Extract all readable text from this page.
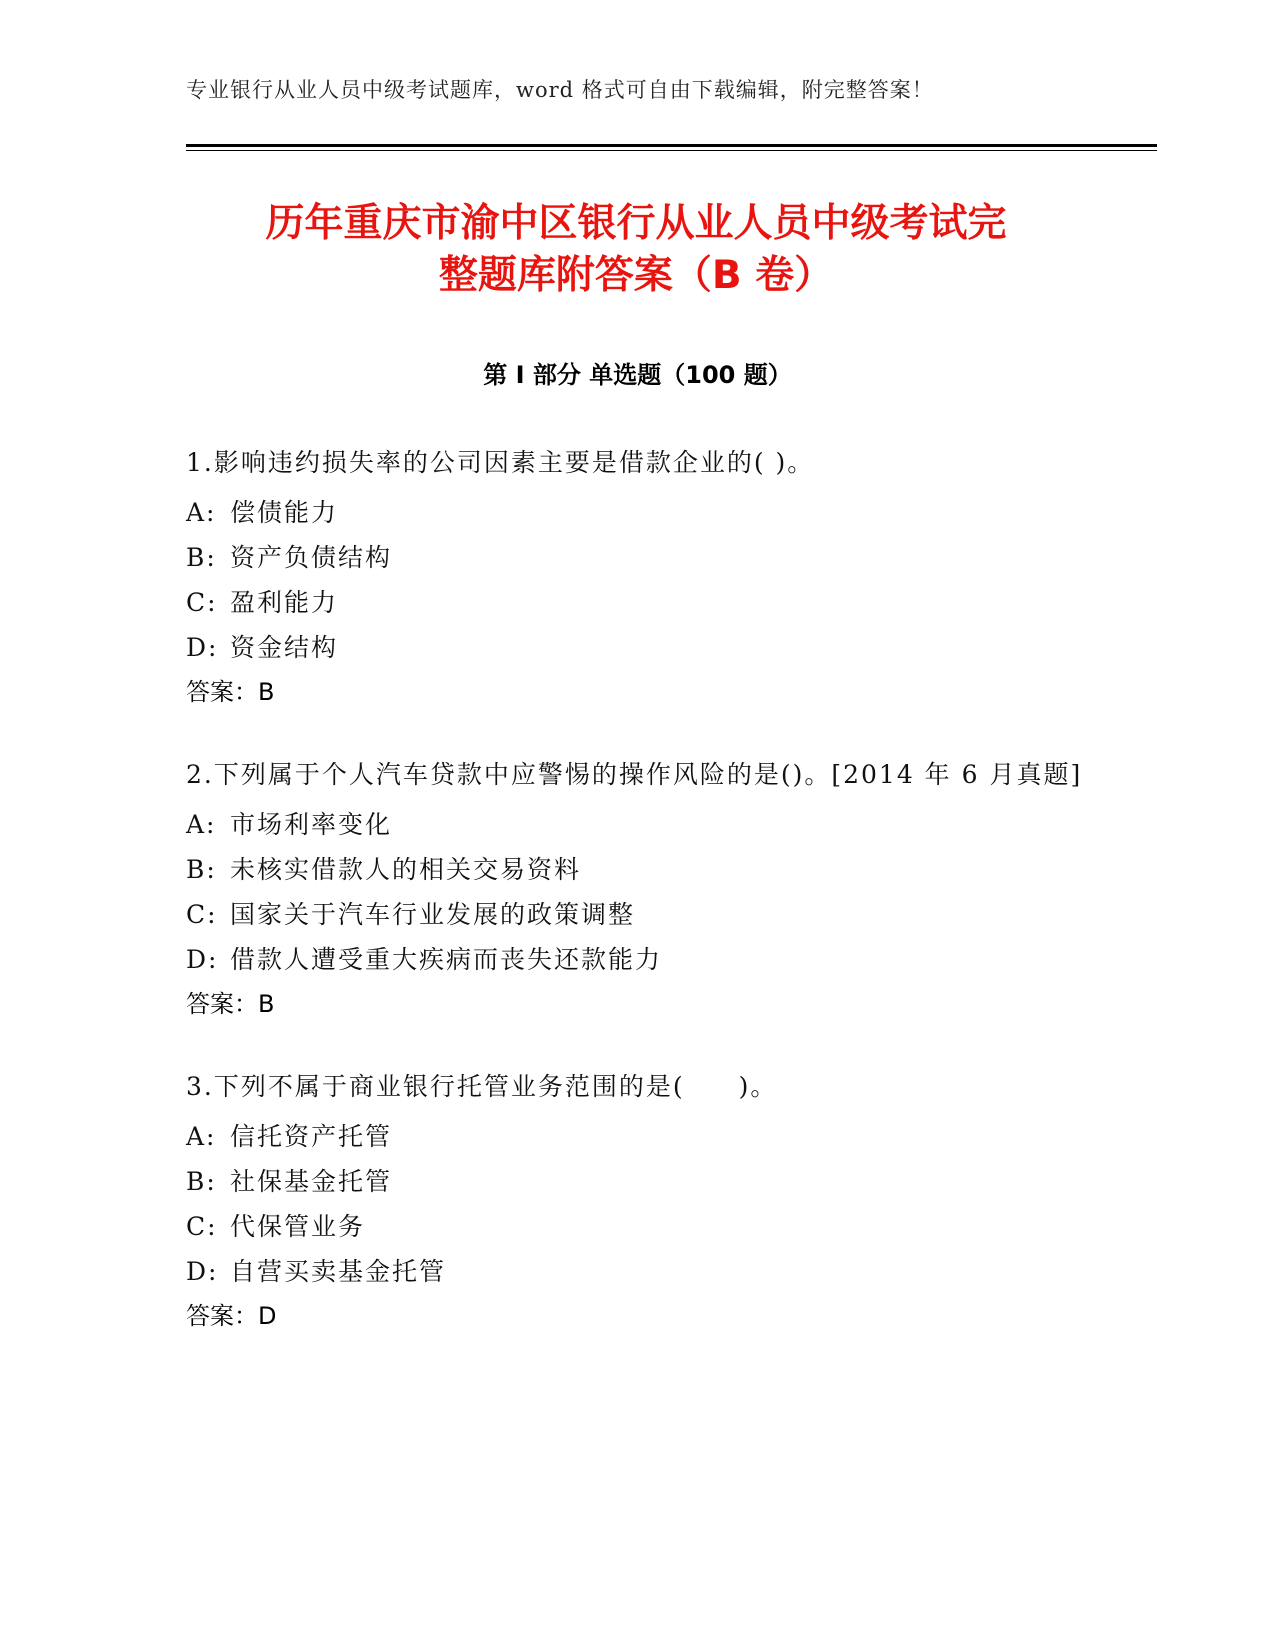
专业银行从业人员中级考试题库，word 格式可自由下载编辑，附完整答案！
历年重庆市渝中区银行从业人员中级考试完
整题库附答案（B 卷）
第 I 部分 单选题（100 题）
1.影响违约损失率的公司因素主要是借款企业的( )。
A: 偿债能力
B: 资产负债结构
C: 盈利能力
D: 资金结构
答案：B
2.下列属于个人汽车贷款中应警惕的操作风险的是()。[2014 年 6 月真题]
A: 市场利率变化
B: 未核实借款人的相关交易资料
C: 国家关于汽车行业发展的政策调整
D: 借款人遭受重大疾病而丧失还款能力
答案：B
3.下列不属于商业银行托管业务范围的是(　　)。
A: 信托资产托管
B: 社保基金托管
C: 代保管业务
D: 自营买卖基金托管
答案：D
